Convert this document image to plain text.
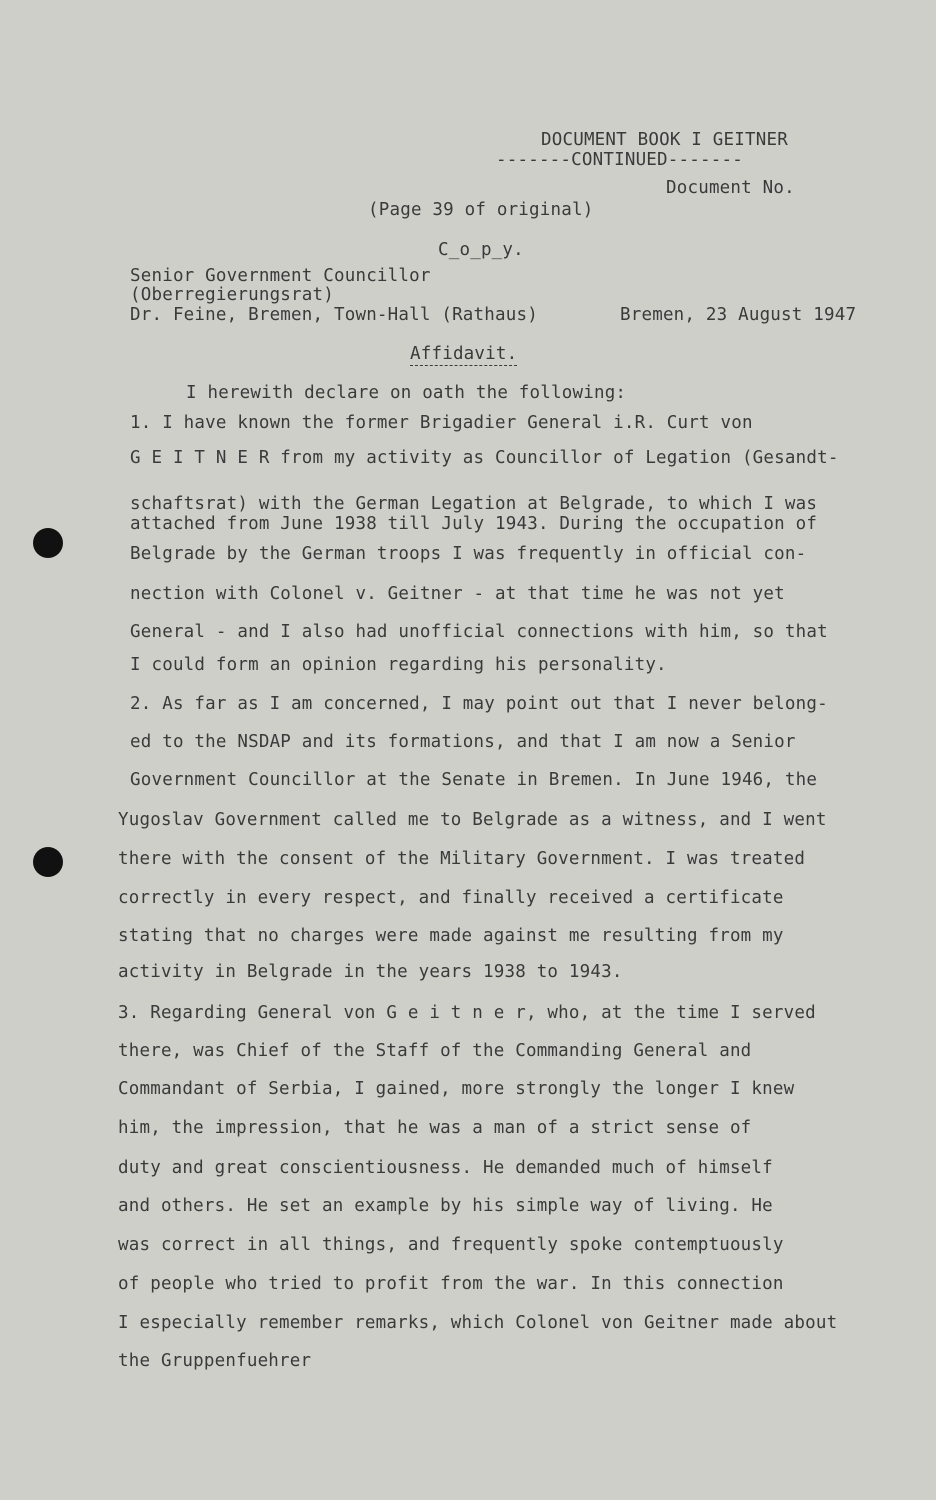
DOCUMENT BOOK I GEITNER
-------CONTINUED-------
Document No.
(Page 39 of original)
C_o_p_y.
Senior Government Councillor
(Oberregierungsrat)
Dr. Feine, Bremen, Town-Hall (Rathaus)	Bremen, 23 August 1947
Affidavit.
I herewith declare on oath the following:
1. I have known the former Brigadier General i.R. Curt von
G E I T N E R from my activity as Councillor of Legation (Gesandt-
schaftsrat) with the German Legation at Belgrade, to which I was
attached from June 1938 till July 1943. During the occupation of
Belgrade by the German troops I was frequently in official con-
nection with Colonel v. Geitner - at that time he was not yet
General - and I also had unofficial connections with him, so that
I could form an opinion regarding his personality.
2. As far as I am concerned, I may point out that I never belong-
ed to the NSDAP and its formations, and that I am now a Senior
Government Councillor at the Senate in Bremen. In June 1946, the
Yugoslav Government called me to Belgrade as a witness, and I went
there with the consent of the Military Government. I was treated
correctly in every respect, and finally received a certificate
stating that no charges were made against me resulting from my
activity in Belgrade in the years 1938 to 1943.
3. Regarding General von G e i t n e r, who, at the time I served
there, was Chief of the Staff of the Commanding General and
Commandant of Serbia, I gained, more strongly the longer I knew
him, the impression, that he was a man of a strict sense of
duty and great conscientiousness. He demanded much of himself
and others. He set an example by his simple way of living. He
was correct in all things, and frequently spoke contemptuously
of people who tried to profit from the war. In this connection
I especially remember remarks, which Colonel von Geitner made about
the Gruppenfuehrer
